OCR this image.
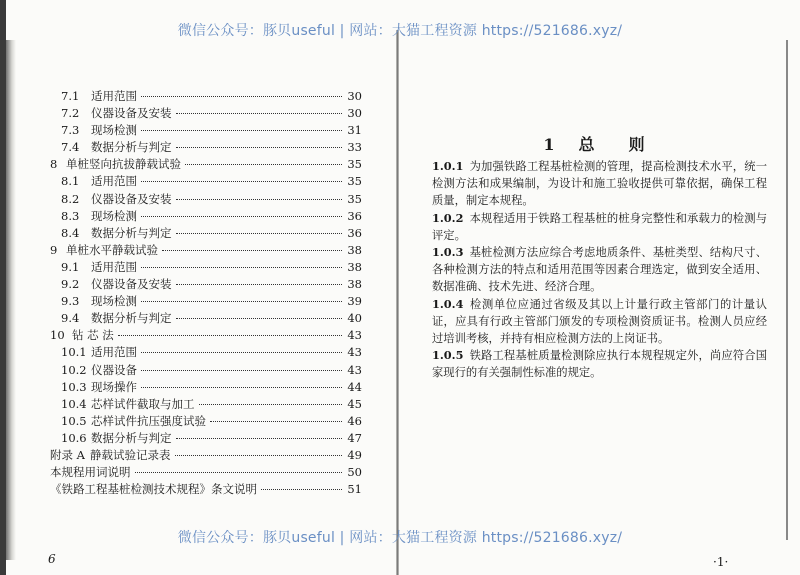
微信公众号：豚贝useful | 网站：大猫工程资源 https://521686.xyz/
7.1	适用范围	30
7.2	仪器设备及安装	30
7.3	现场检测	31
7.4	数据分析与判定	33
8 单桩竖向抗拔静载试验	35
8.1	适用范围	35
8.2	仪器设备及安装	35
8.3	现场检测	36
8.4	数据分析与判定	36
9 单桩水平静载试验	38
9.1	适用范围	38
9.2	仪器设备及安装	38
9.3	现场检测	39
9.4	数据分析与判定	40
10 钻 芯 法	43
10.1 适用范围	43
10.2 仪器设备	43
10.3 现场操作	44
10.4 芯样试件截取与加工	45
10.5 芯样试件抗压强度试验	46
10.6 数据分析与判定	47
附录 A 静载试验记录表	49
本规程用词说明	50
《铁路工程基桩检测技术规程》条文说明	51
6
1 总 则

1.0.1 为加强铁路工程基桩检测的管理，提高检测技术水平，统一检测方法和成果编制，为设计和施工验收提供可靠依据，确保工程质量，制定本规程。

1.0.2 本规程适用于铁路工程基桩的桩身完整性和承载力的检测与评定。

1.0.3 基桩检测方法应综合考虑地质条件、基桩类型、结构尺寸、各种检测方法的特点和适用范围等因素合理选定，做到安全适用、数据准确、技术先进、经济合理。

1.0.4 检测单位应通过省级及其以上计量行政主管部门的计量认证，应具有行政主管部门颁发的专项检测资质证书。检测人员应经过培训考核，并持有相应检测方法的上岗证书。

1.0.5 铁路工程基桩质量检测除应执行本规程规定外，尚应符合国家现行的有关强制性标准的规定。

微信公众号：豚贝useful | 网站：大猫工程资源 https://521686.xyz/
·1·
